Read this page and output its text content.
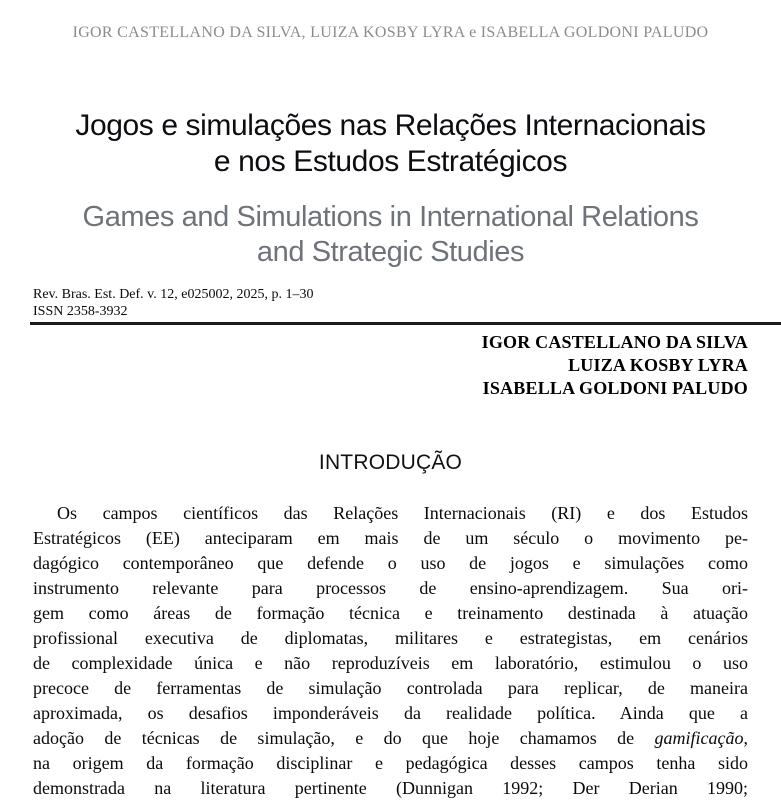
IGOR CASTELLANO DA SILVA, LUIZA KOSBY LYRA e ISABELLA GOLDONI PALUDO
Jogos e simulações nas Relações Internacionais
e nos Estudos Estratégicos
Games and Simulations in International Relations
and Strategic Studies
Rev. Bras. Est. Def. v. 12, e025002, 2025, p. 1–30
ISSN 2358-3932
IGOR CASTELLANO DA SILVA
LUIZA KOSBY LYRA
ISABELLA GOLDONI PALUDO
INTRODUÇÃO
Os campos científicos das Relações Internacionais (RI) e dos Estudos
Estratégicos (EE) anteciparam em mais de um século o movimento pe-
dagógico contemporâneo que defende o uso de jogos e simulações como
instrumento relevante para processos de ensino-aprendizagem. Sua ori-
gem como áreas de formação técnica e treinamento destinada à atuação
profissional executiva de diplomatas, militares e estrategistas, em cenários
de complexidade única e não reproduzíveis em laboratório, estimulou o uso
precoce de ferramentas de simulação controlada para replicar, de maneira
aproximada, os desafios imponderáveis da realidade política. Ainda que a
adoção de técnicas de simulação, e do que hoje chamamos de gamificação,
na origem da formação disciplinar e pedagógica desses campos tenha sido
demonstrada na literatura pertinente (Dunnigan 1992; Der Derian 1990;
